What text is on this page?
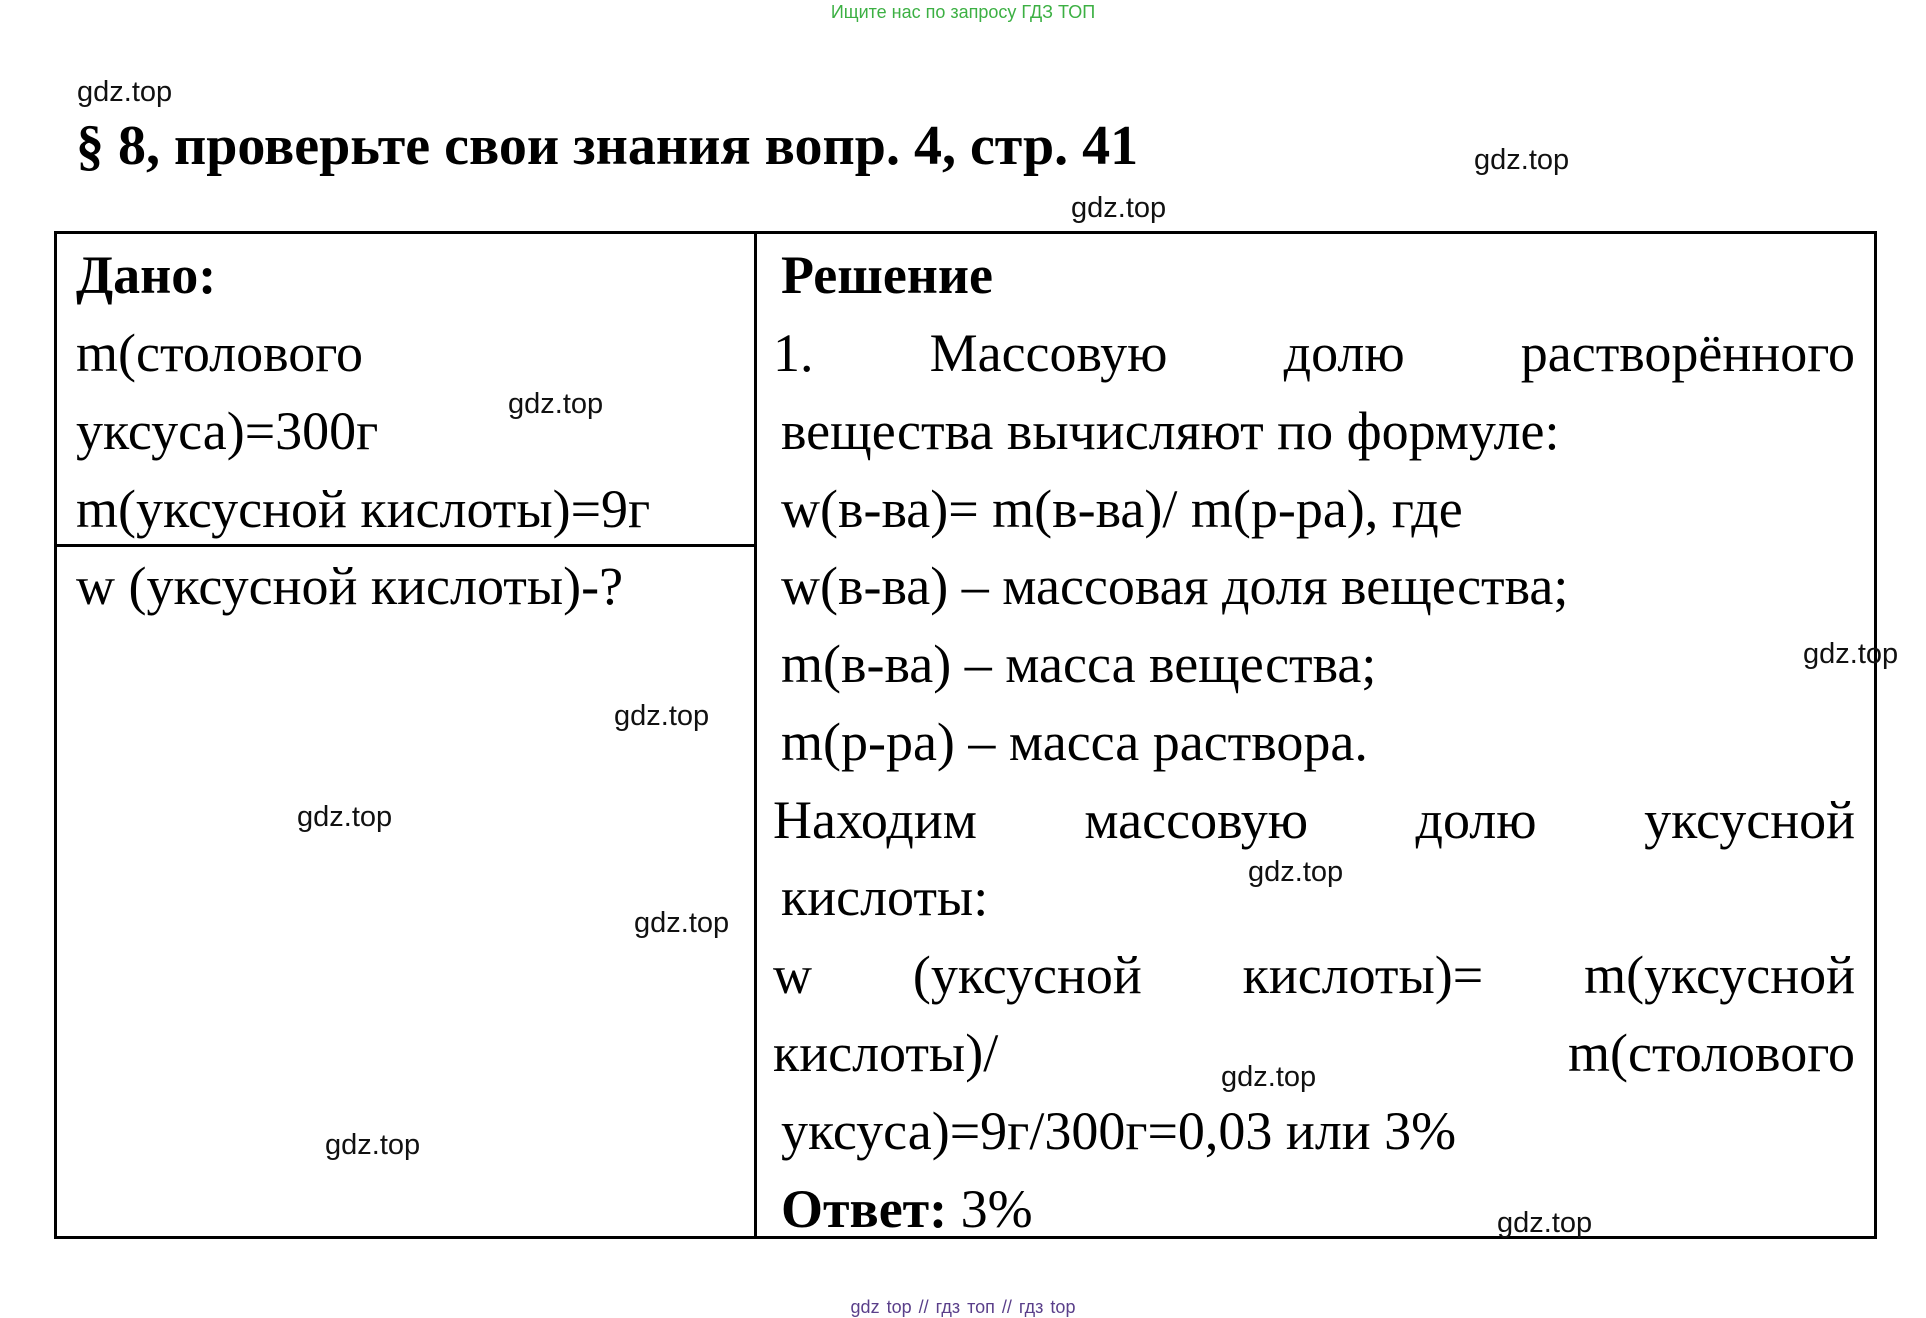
Ищите нас по запросу ГДЗ ТОП
gdz.top
§ 8, проверьте свои знания вопр. 4, стр. 41	gdz.top
gdz.top
Дано:
m(столового
уксуса)=300г
m(уксусной кислоты)=9г
w (уксусной кислоты)-?
gdz.top
gdz.top
gdz.top
gdz.top
gdz.top
Решение
1. Массовую долю растворённого
вещества вычисляют по формуле:
w(в-ва)= m(в-ва)/ m(р-ра), где
w(в-ва) – массовая доля вещества;
m(в-ва) – масса вещества;
m(р-ра) – масса раствора.
Находим массовую долю уксусной
кислоты:
w (уксусной кислоты)= m(уксусной
кислоты)/	m(столового
уксуса)=9г/300г=0,03 или 3%
Ответ: 3%
gdz.top
gdz.top
gdz.top
gdz.top
gdz top // гдз топ // гдз top
